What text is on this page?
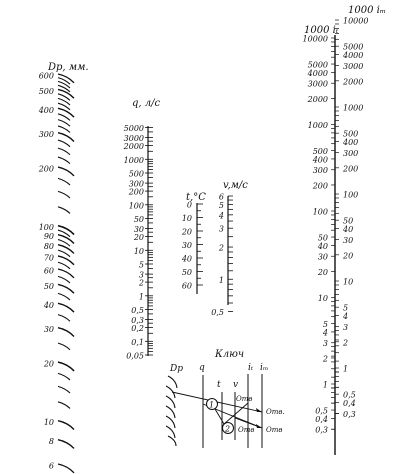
Dр, мм.
q, л/с
t,°C
v,м/с
1000 iₜ
1000 iₘ
600
500
400
300
200
100
90
80
70
60
50
40
30
20
10
8
6
5000
3000
2000
1000
500
300
200
100
50
30
20
10
5
3
2
1
0,5
0,3
0,2
0,1
0,05
0
10
20
30
40
50
60
6
5
4
3
2
1
0,5
10000
5000
4000
3000
2000
1000
500
400
300
200
100
50
40
30
20
10
5
4
3
2
1
0,5
0,4
0,3
10000
5000
4000
3000
2000
1000
500
400
300
200
100
50
40
30
20
10
5
4
3
2
1
0,5
0,4
0,3
Ключ
Dр q
t v
iₜ iₘ
1
2
Отв
Отв
Отв.
Отв
